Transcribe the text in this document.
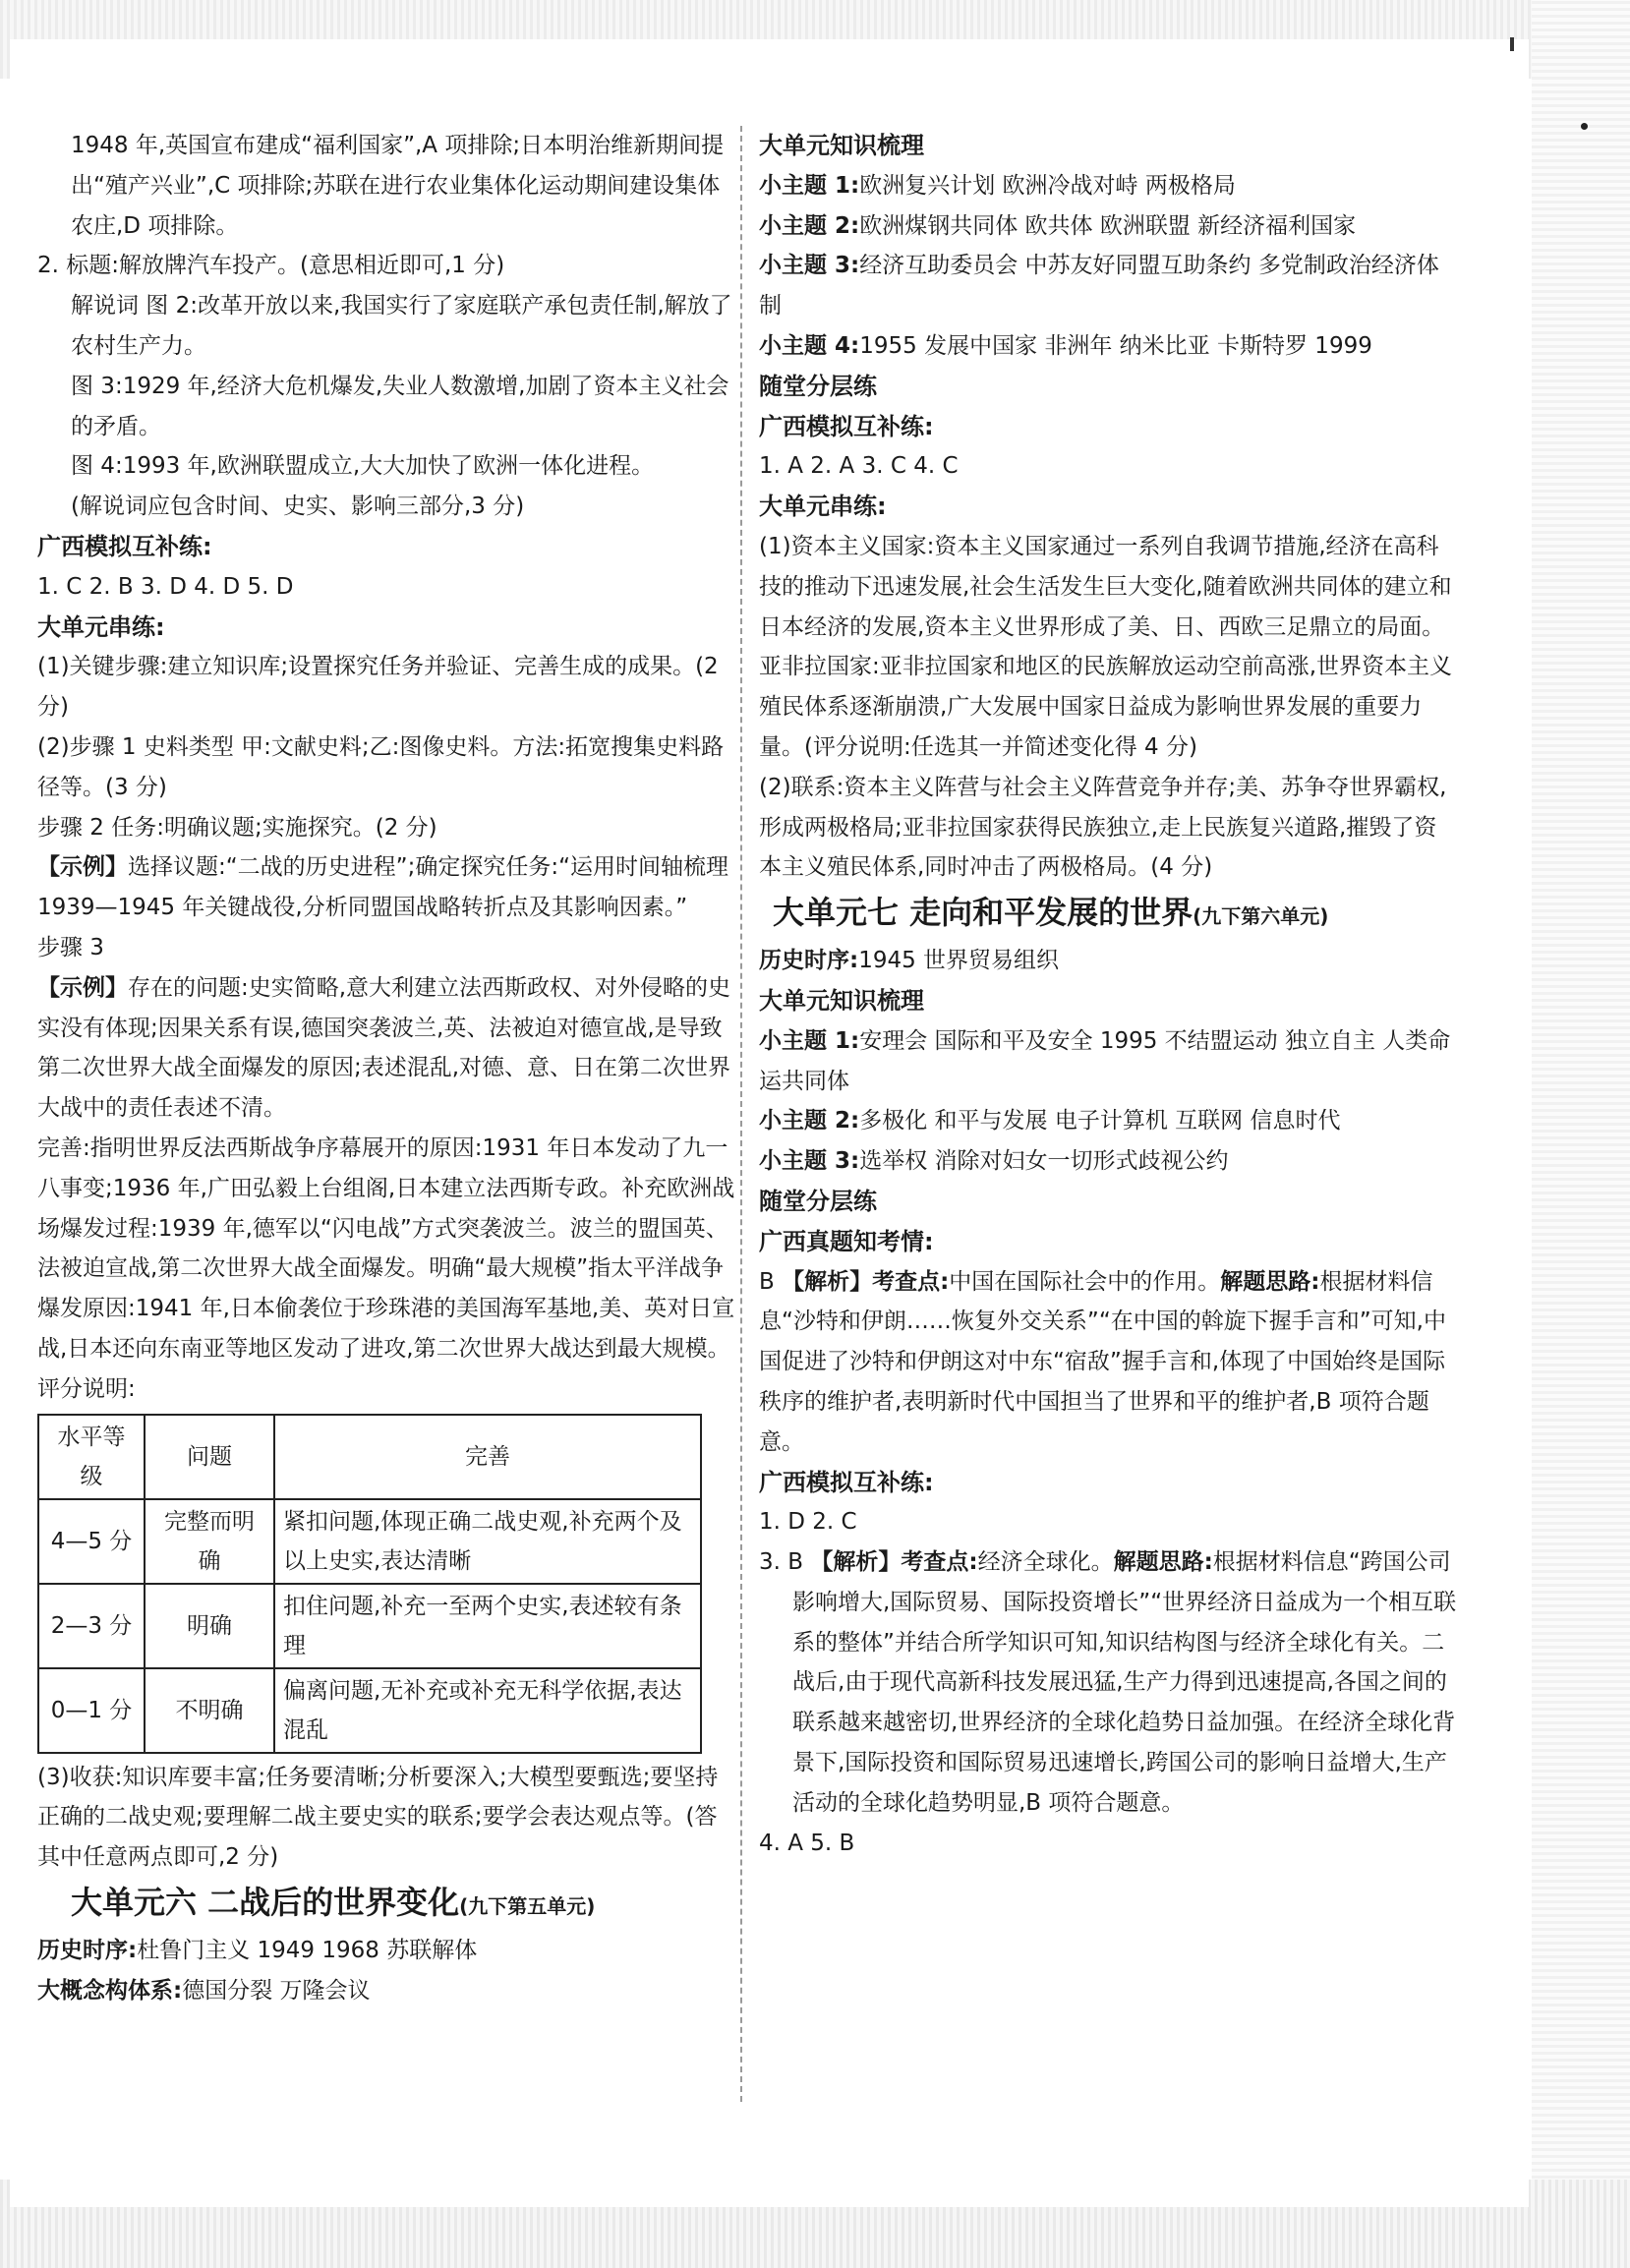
1948 年,英国宣布建成“福利国家”,A 项排除;日本明治维新期间提出“殖产兴业”,C 项排除;苏联在进行农业集体化运动期间建设集体农庄,D 项排除。

2. 标题:解放牌汽车投产。(意思相近即可,1 分)

解说词 图 2:改革开放以来,我国实行了家庭联产承包责任制,解放了农村生产力。

图 3:1929 年,经济大危机爆发,失业人数激增,加剧了资本主义社会的矛盾。

图 4:1993 年,欧洲联盟成立,大大加快了欧洲一体化进程。

(解说词应包含时间、史实、影响三部分,3 分)

广西模拟互补练:

1. C 2. B 3. D 4. D 5. D

大单元串练:

(1)关键步骤:建立知识库;设置探究任务并验证、完善生成的成果。(2 分)

(2)步骤 1 史料类型 甲:文献史料;乙:图像史料。方法:拓宽搜集史料路径等。(3 分)

步骤 2 任务:明确议题;实施探究。(2 分)

【示例】选择议题:“二战的历史进程”;确定探究任务:“运用时间轴梳理 1939—1945 年关键战役,分析同盟国战略转折点及其影响因素。”

步骤 3

【示例】存在的问题:史实简略,意大利建立法西斯政权、对外侵略的史实没有体现;因果关系有误,德国突袭波兰,英、法被迫对德宣战,是导致第二次世界大战全面爆发的原因;表述混乱,对德、意、日在第二次世界大战中的责任表述不清。

完善:指明世界反法西斯战争序幕展开的原因:1931 年日本发动了九一八事变;1936 年,广田弘毅上台组阁,日本建立法西斯专政。补充欧洲战场爆发过程:1939 年,德军以“闪电战”方式突袭波兰。波兰的盟国英、法被迫宣战,第二次世界大战全面爆发。明确“最大规模”指太平洋战争爆发原因:1941 年,日本偷袭位于珍珠港的美国海军基地,美、英对日宣战,日本还向东南亚等地区发动了进攻,第二次世界大战达到最大规模。

评分说明:

水平等级	问题	完善
4—5 分	完整而明确	紧扣问题,体现正确二战史观,补充两个及以上史实,表达清晰
2—3 分	明确	扣住问题,补充一至两个史实,表述较有条理
0—1 分	不明确	偏离问题,无补充或补充无科学依据,表达混乱

(3)收获:知识库要丰富;任务要清晰;分析要深入;大模型要甄选;要坚持正确的二战史观;要理解二战主要史实的联系;要学会表达观点等。(答其中任意两点即可,2 分)

大单元六 二战后的世界变化(九下第五单元)

历史时序:杜鲁门主义 1949 1968 苏联解体

大概念构体系:德国分裂 万隆会议

大单元知识梳理

小主题 1:欧洲复兴计划 欧洲冷战对峙 两极格局

小主题 2:欧洲煤钢共同体 欧共体 欧洲联盟 新经济福利国家

小主题 3:经济互助委员会 中苏友好同盟互助条约 多党制政治经济体制

小主题 4:1955 发展中国家 非洲年 纳米比亚 卡斯特罗 1999

随堂分层练

广西模拟互补练:

1. A 2. A 3. C 4. C

大单元串练:

(1)资本主义国家:资本主义国家通过一系列自我调节措施,经济在高科技的推动下迅速发展,社会生活发生巨大变化,随着欧洲共同体的建立和日本经济的发展,资本主义世界形成了美、日、西欧三足鼎立的局面。亚非拉国家:亚非拉国家和地区的民族解放运动空前高涨,世界资本主义殖民体系逐渐崩溃,广大发展中国家日益成为影响世界发展的重要力量。(评分说明:任选其一并简述变化得 4 分)

(2)联系:资本主义阵营与社会主义阵营竞争并存;美、苏争夺世界霸权,形成两极格局;亚非拉国家获得民族独立,走上民族复兴道路,摧毁了资本主义殖民体系,同时冲击了两极格局。(4 分)

大单元七 走向和平发展的世界(九下第六单元)

历史时序:1945 世界贸易组织

大单元知识梳理

小主题 1:安理会 国际和平及安全 1995 不结盟运动 独立自主 人类命运共同体

小主题 2:多极化 和平与发展 电子计算机 互联网 信息时代

小主题 3:选举权 消除对妇女一切形式歧视公约

随堂分层练

广西真题知考情:

B 【解析】考查点:中国在国际社会中的作用。解题思路:根据材料信息“沙特和伊朗……恢复外交关系”“在中国的斡旋下握手言和”可知,中国促进了沙特和伊朗这对中东“宿敌”握手言和,体现了中国始终是国际秩序的维护者,表明新时代中国担当了世界和平的维护者,B 项符合题意。

广西模拟互补练:

1. D 2. C

3. B 【解析】考查点:经济全球化。解题思路:根据材料信息“跨国公司影响增大,国际贸易、国际投资增长”“世界经济日益成为一个相互联系的整体”并结合所学知识可知,知识结构图与经济全球化有关。二战后,由于现代高新科技发展迅猛,生产力得到迅速提高,各国之间的联系越来越密切,世界经济的全球化趋势日益加强。在经济全球化背景下,国际投资和国际贸易迅速增长,跨国公司的影响日益增大,生产活动的全球化趋势明显,B 项符合题意。

4. A 5. B
